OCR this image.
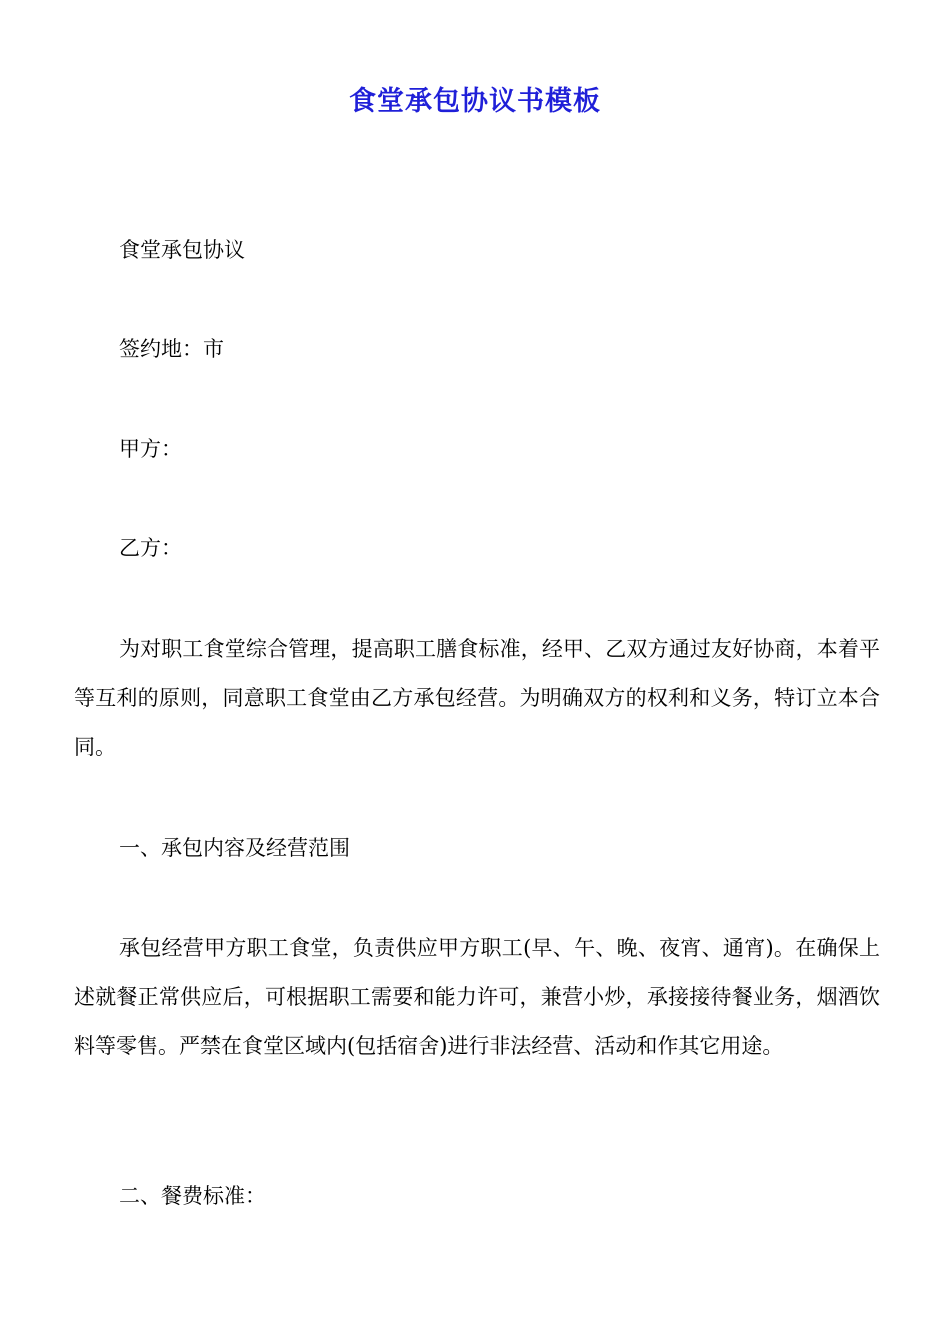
食堂承包协议书模板

食堂承包协议

签约地：市

甲方：

乙方：

为对职工食堂综合管理，提高职工膳食标准，经甲、乙双方通过友好协商，本着平等互利的原则，同意职工食堂由乙方承包经营。为明确双方的权利和义务，特订立本合同。

一、承包内容及经营范围

承包经营甲方职工食堂，负责供应甲方职工(早、午、晚、夜宵、通宵)。在确保上述就餐正常供应后，可根据职工需要和能力许可，兼营小炒，承接接待餐业务，烟酒饮料等零售。严禁在食堂区域内(包括宿舍)进行非法经营、活动和作其它用途。

二、餐费标准：
